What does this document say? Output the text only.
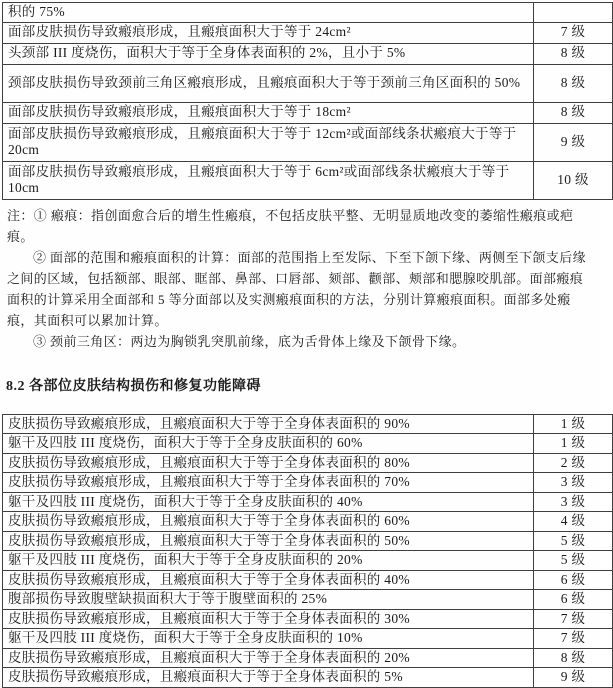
积的 75%	
面部皮肤损伤导致瘢痕形成，且瘢痕面积大于等于 24cm²	7 级
头颈部 III 度烧伤，面积大于等于全身体表面积的 2%，且小于 5%	8 级
颈部皮肤损伤导致颈前三角区瘢痕形成，且瘢痕面积大于等于颈前三角区面积的 50%	8 级
面部皮肤损伤导致瘢痕形成，且瘢痕面积大于等于 18cm²	8 级
面部皮肤损伤导致瘢痕形成，且瘢痕面积大于等于 12cm²或面部线条状瘢痕大于等于 20cm	9 级
面部皮肤损伤导致瘢痕形成，且瘢痕面积大于等于 6cm²或面部线条状瘢痕大于等于 10cm	10 级

注：① 瘢痕：指创面愈合后的增生性瘢痕，不包括皮肤平整、无明显质地改变的萎缩性瘢痕或疤痕。

② 面部的范围和瘢痕面积的计算：面部的范围指上至发际、下至下颌下缘、两侧至下颌支后缘之间的区域，包括额部、眼部、眶部、鼻部、口唇部、颏部、颧部、颊部和腮腺咬肌部。面部瘢痕面积的计算采用全面部和 5 等分面部以及实测瘢痕面积的方法，分别计算瘢痕面积。面部多处瘢痕，其面积可以累加计算。

③ 颈前三角区：两边为胸锁乳突肌前缘，底为舌骨体上缘及下颌骨下缘。

8.2 各部位皮肤结构损伤和修复功能障碍
皮肤损伤导致瘢痕形成，且瘢痕面积大于等于全身体表面积的 90%	1 级
躯干及四肢 III 度烧伤，面积大于等于全身皮肤面积的 60%	1 级
皮肤损伤导致瘢痕形成，且瘢痕面积大于等于全身体表面积的 80%	2 级
皮肤损伤导致瘢痕形成，且瘢痕面积大于等于全身体表面积的 70%	3 级
躯干及四肢 III 度烧伤，面积大于等于全身皮肤面积的 40%	3 级
皮肤损伤导致瘢痕形成，且瘢痕面积大于等于全身体表面积的 60%	4 级
皮肤损伤导致瘢痕形成，且瘢痕面积大于等于全身体表面积的 50%	5 级
躯干及四肢 III 度烧伤，面积大于等于全身皮肤面积的 20%	5 级
皮肤损伤导致瘢痕形成，且瘢痕面积大于等于全身体表面积的 40%	6 级
腹部损伤导致腹壁缺损面积大于等于腹壁面积的 25%	6 级
皮肤损伤导致瘢痕形成，且瘢痕面积大于等于全身体表面积的 30%	7 级
躯干及四肢 III 度烧伤，面积大于等于全身皮肤面积的 10%	7 级
皮肤损伤导致瘢痕形成，且瘢痕面积大于等于全身体表面积的 20%	8 级
皮肤损伤导致瘢痕形成，且瘢痕面积大于等于全身体表面积的 5%	9 级
